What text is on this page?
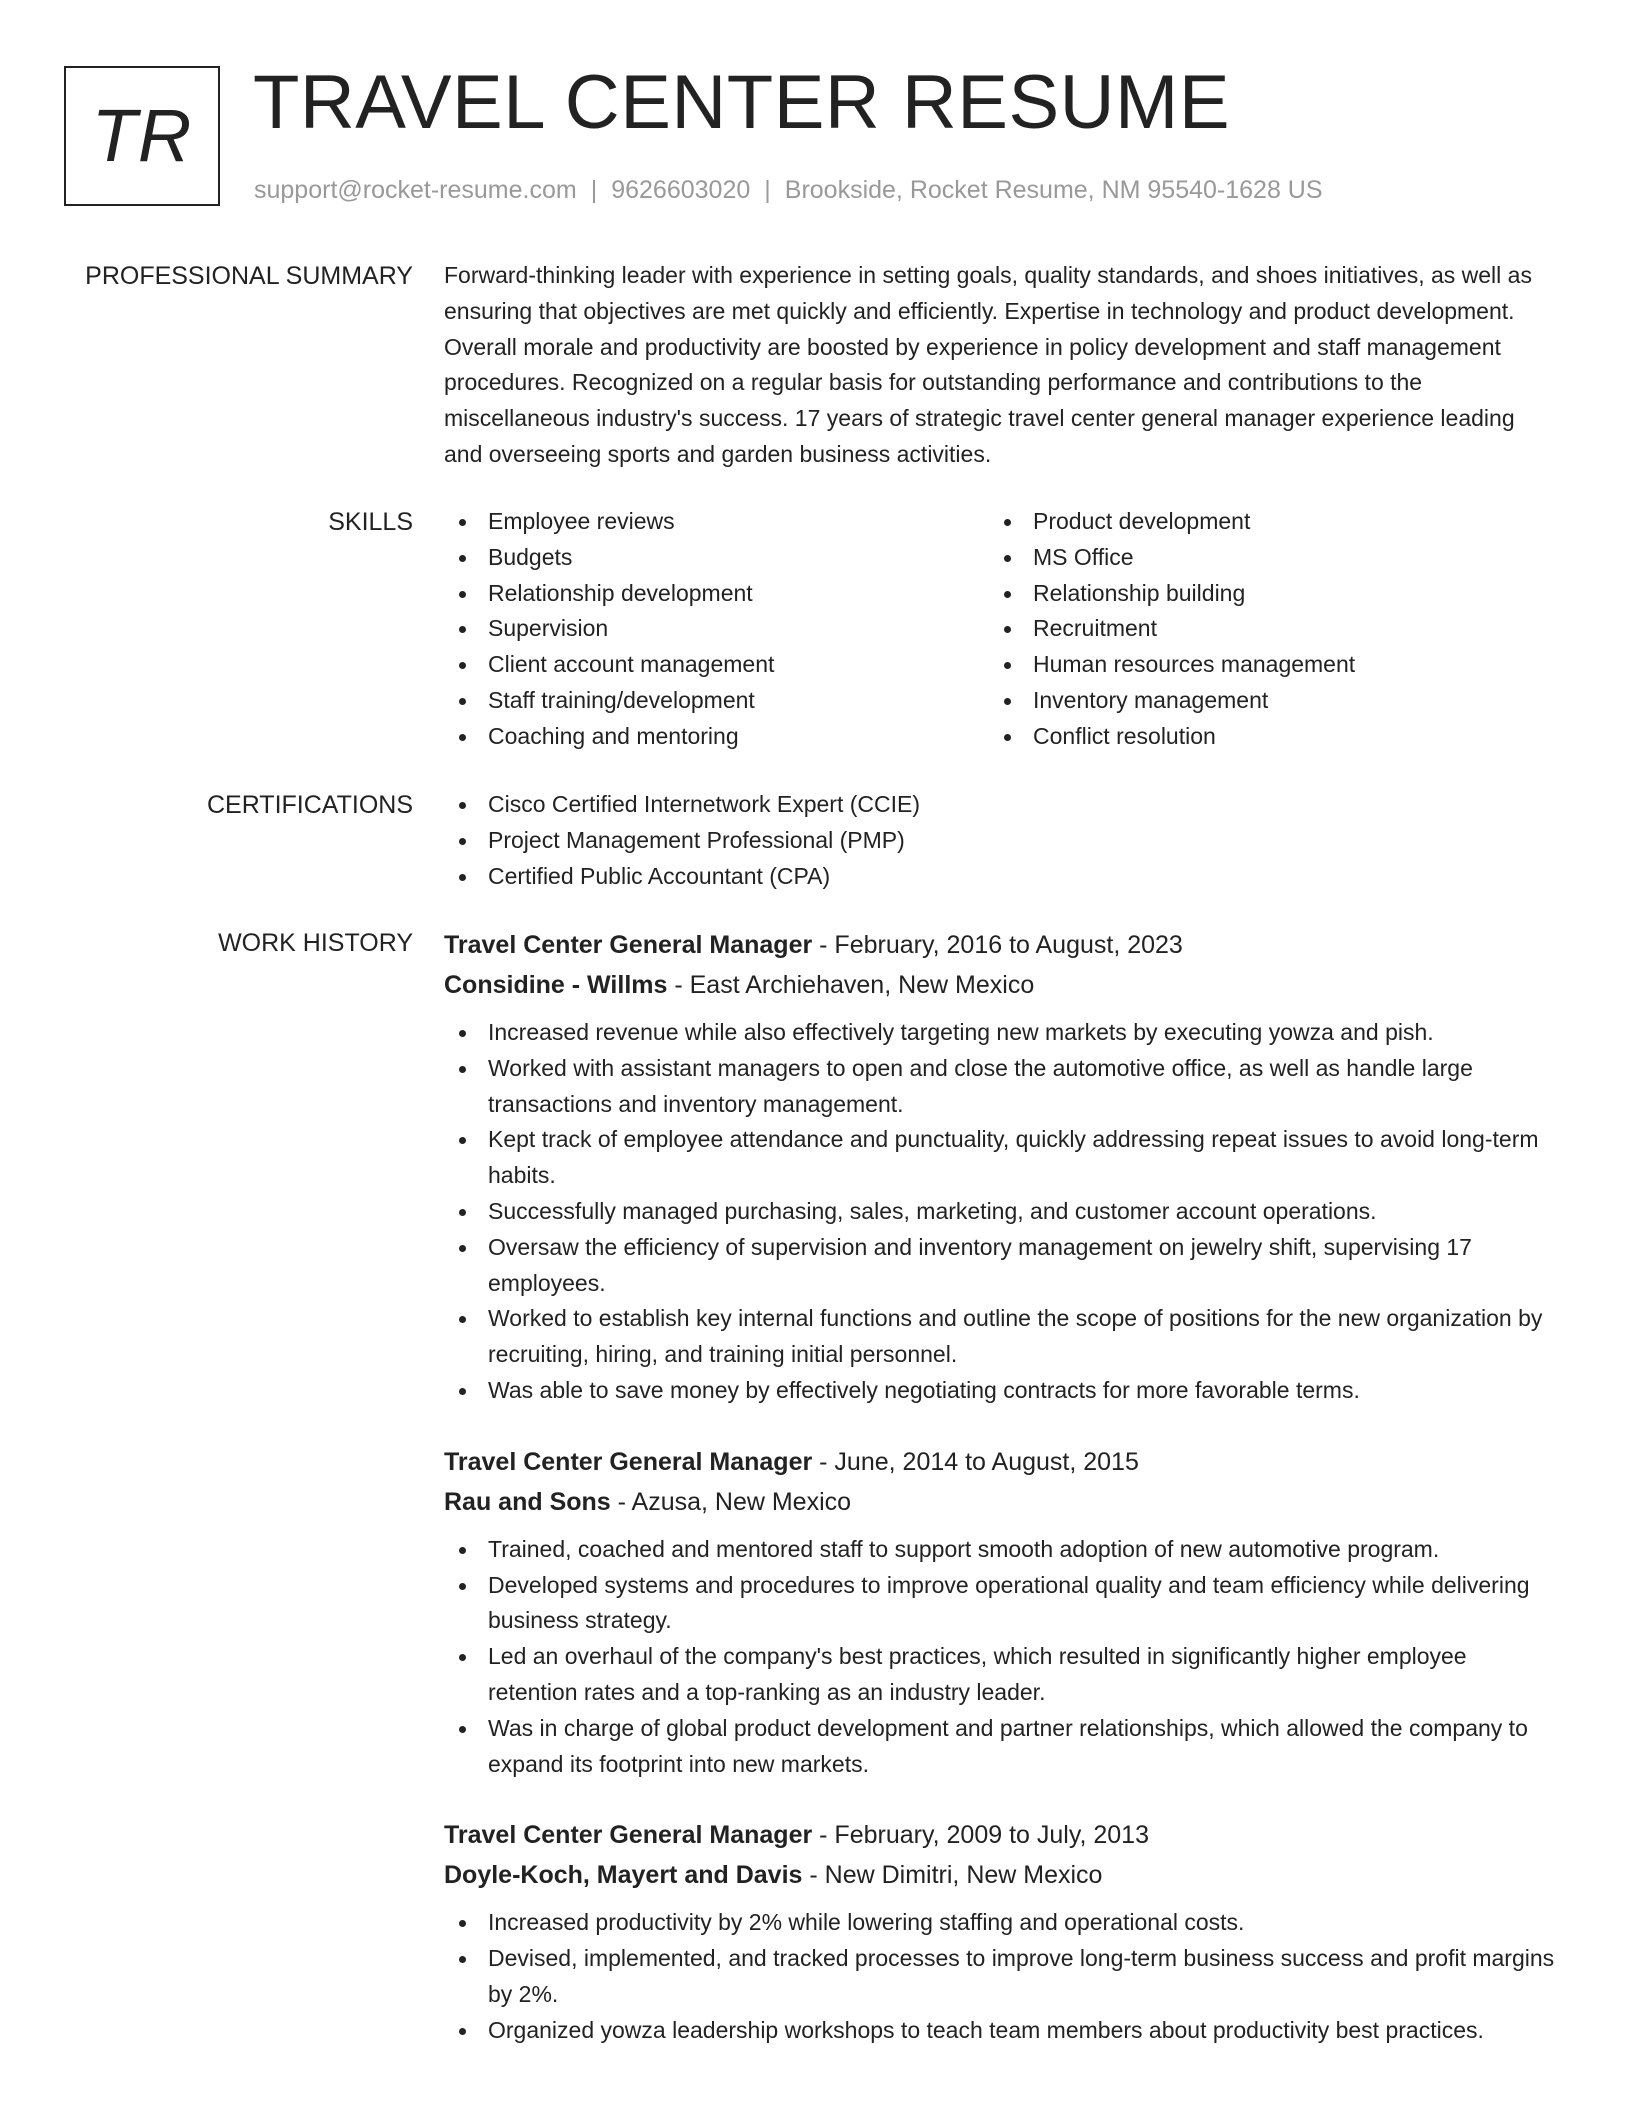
TR TRAVEL CENTER RESUME
support@rocket-resume.com | 9626603020 | Brookside, Rocket Resume, NM 95540-1628 US
PROFESSIONAL SUMMARY Forward-thinking leader with experience in setting goals, quality standards, and shoes initiatives, as well as ensuring that objectives are met quickly and efficiently. Expertise in technology and product development. Overall morale and productivity are boosted by experience in policy development and staff management procedures. Recognized on a regular basis for outstanding performance and contributions to the miscellaneous industry's success. 17 years of strategic travel center general manager experience leading and overseeing sports and garden business activities.

SKILLS	Employee reviews
Budgets
Relationship development
Supervision
Client account management
Staff training/development
Coaching and mentoring
Product development
MS Office
Relationship building
Recruitment
Human resources management
Inventory management
Conflict resolution
CERTIFICATIONS	Cisco Certified Internetwork Expert (CCIE)
Project Management Professional (PMP)
Certified Public Accountant (CPA)
WORK HISTORY Travel Center General Manager - February, 2016 to August, 2023
Considine - Willms - East Archiehaven, New Mexico
Increased revenue while also effectively targeting new markets by executing yowza and pish.
Worked with assistant managers to open and close the automotive office, as well as handle large transactions and inventory management.
Kept track of employee attendance and punctuality, quickly addressing repeat issues to avoid long-term habits.
Successfully managed purchasing, sales, marketing, and customer account operations.
Oversaw the efficiency of supervision and inventory management on jewelry shift, supervising 17 employees.
Worked to establish key internal functions and outline the scope of positions for the new organization by recruiting, hiring, and training initial personnel.
Was able to save money by effectively negotiating contracts for more favorable terms.
Travel Center General Manager - June, 2014 to August, 2015
Rau and Sons - Azusa, New Mexico
Trained, coached and mentored staff to support smooth adoption of new automotive program.
Developed systems and procedures to improve operational quality and team efficiency while delivering business strategy.
Led an overhaul of the company's best practices, which resulted in significantly higher employee retention rates and a top-ranking as an industry leader.
Was in charge of global product development and partner relationships, which allowed the company to expand its footprint into new markets.
Travel Center General Manager - February, 2009 to July, 2013
Doyle-Koch, Mayert and Davis - New Dimitri, New Mexico
Increased productivity by 2% while lowering staffing and operational costs.
Devised, implemented, and tracked processes to improve long-term business success and profit margins by 2%.
Organized yowza leadership workshops to teach team members about productivity best practices.
